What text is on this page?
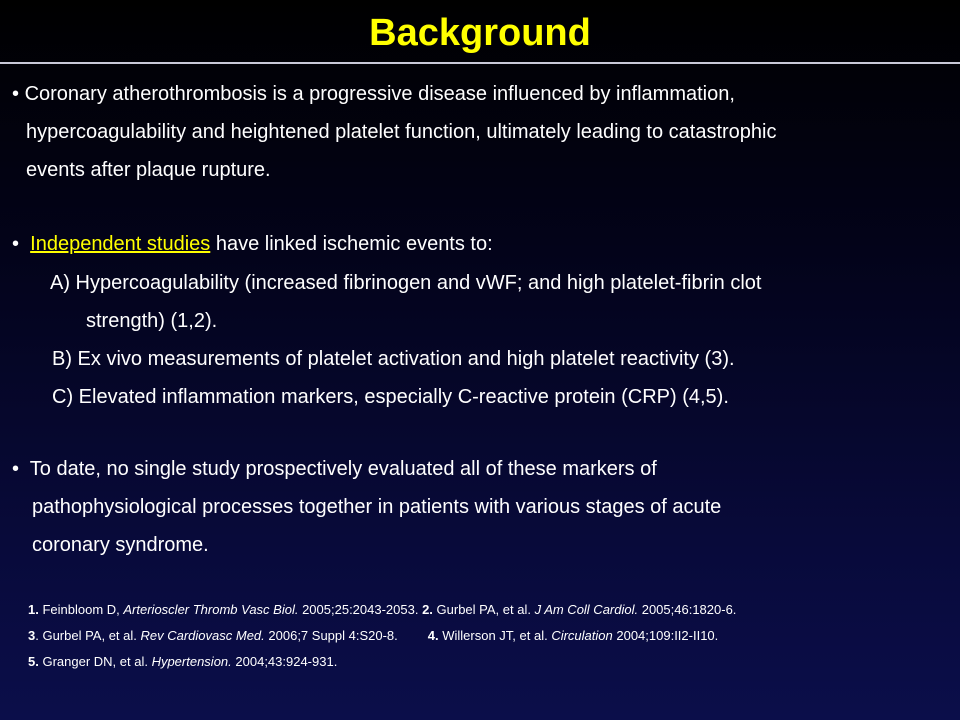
Background
• Coronary atherothrombosis is a progressive disease influenced by inflammation,
hypercoagulability and heightened platelet function, ultimately leading to catastrophic
events after plaque rupture.
• Independent studies have linked ischemic events to:
A) Hypercoagulability (increased fibrinogen and vWF; and high platelet-fibrin clot
strength) (1,2).
B) Ex vivo measurements of platelet activation and high platelet reactivity (3).
C) Elevated inflammation markers, especially C-reactive protein (CRP) (4,5).
• To date, no single study prospectively evaluated all of these markers of
pathophysiological processes together in patients with various stages of acute
coronary syndrome.
1. Feinbloom D, Arterioscler Thromb Vasc Biol. 2005;25:2043-2053. 2. Gurbel PA, et al. J Am Coll Cardiol. 2005;46:1820-6.
3. Gurbel PA, et al. Rev Cardiovasc Med. 2006;7 Suppl 4:S20-8. 4. Willerson JT, et al. Circulation 2004;109:II2-II10.
5. Granger DN, et al. Hypertension. 2004;43:924-931.
